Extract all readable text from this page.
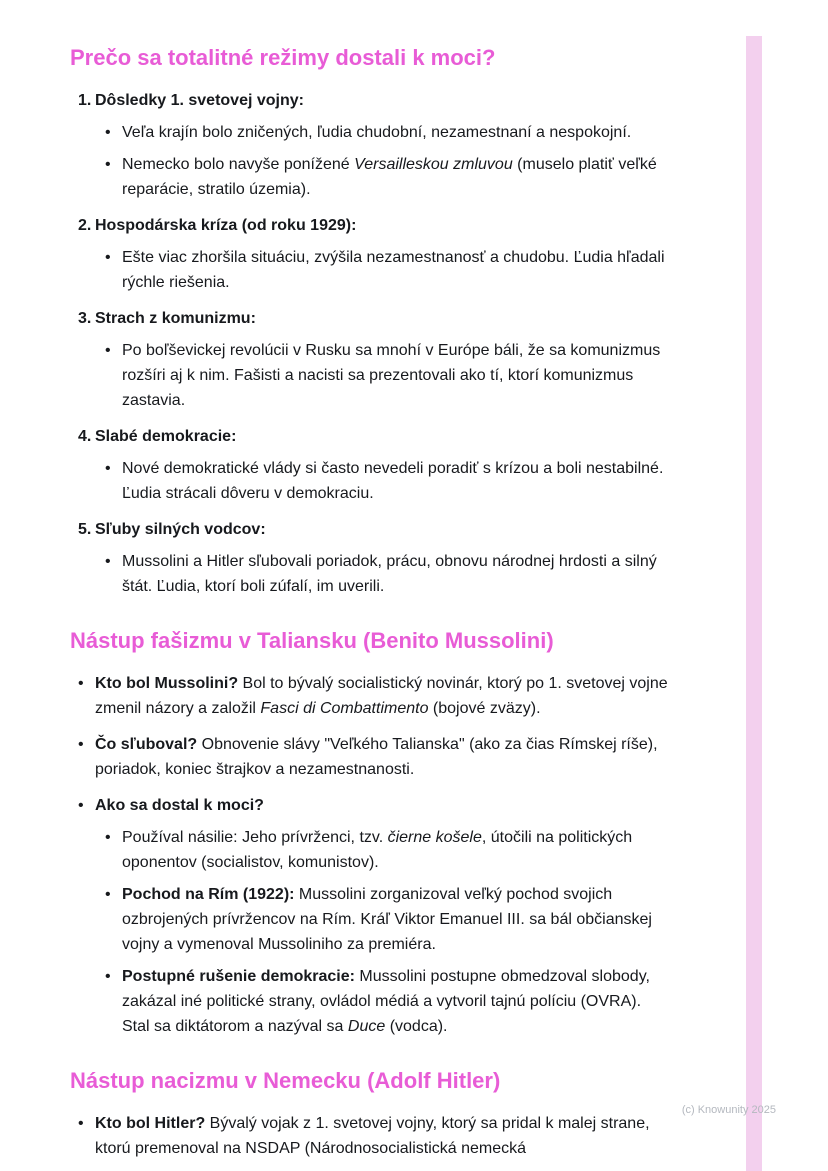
Prečo sa totalitné režimy dostali k moci?
1. Dôsledky 1. svetovej vojny:
• Veľa krajín bolo zničených, ľudia chudobní, nezamestnaní a nespokojní.
• Nemecko bolo navyše ponížené Versailleskou zmluvou (muselo platiť veľké reparácie, stratilo územia).
2. Hospodárska kríza (od roku 1929):
• Ešte viac zhoršila situáciu, zvýšila nezamestnanosť a chudobu. Ľudia hľadali rýchle riešenia.
3. Strach z komunizmu:
• Po boľševickej revolúcii v Rusku sa mnohí v Európe báli, že sa komunizmus rozšíri aj k nim. Fašisti a nacisti sa prezentovali ako tí, ktorí komunizmus zastavia.
4. Slabé demokracie:
• Nové demokratické vlády si často nevedeli poradiť s krízou a boli nestabilné. Ľudia strácali dôveru v demokraciu.
5. Sľuby silných vodcov:
• Mussolini a Hitler sľubovali poriadok, prácu, obnovu národnej hrdosti a silný štát. Ľudia, ktorí boli zúfalí, im uverili.
Nástup fašizmu v Taliansku (Benito Mussolini)
• Kto bol Mussolini? Bol to bývalý socialistický novinár, ktorý po 1. svetovej vojne zmenil názory a založil Fasci di Combattimento (bojové zväzy).
• Čo sľuboval? Obnovenie slávy "Veľkého Talianska" (ako za čias Rímskej ríše), poriadok, koniec štrajkov a nezamestnanosti.
• Ako sa dostal k moci?
• Používal násilie: Jeho prívrženci, tzv. čierne košele, útočili na politických oponentov (socialistov, komunistov).
• Pochod na Rím (1922): Mussolini zorganizoval veľký pochod svojich ozbrojených prívržencov na Rím. Kráľ Viktor Emanuel III. sa bál občianskej vojny a vymenoval Mussoliniho za premiéra.
• Postupné rušenie demokracie: Mussolini postupne obmedzoval slobody, zakázal iné politické strany, ovládol médiá a vytvoril tajnú políciu (OVRA). Stal sa diktátorom a nazýval sa Duce (vodca).
Nástup nacizmu v Nemecku (Adolf Hitler)
• Kto bol Hitler? Bývalý vojak z 1. svetovej vojny, ktorý sa pridal k malej strane, ktorú premenoval na NSDAP (Národnosocialistická nemecká
(c) Knowunity 2025
